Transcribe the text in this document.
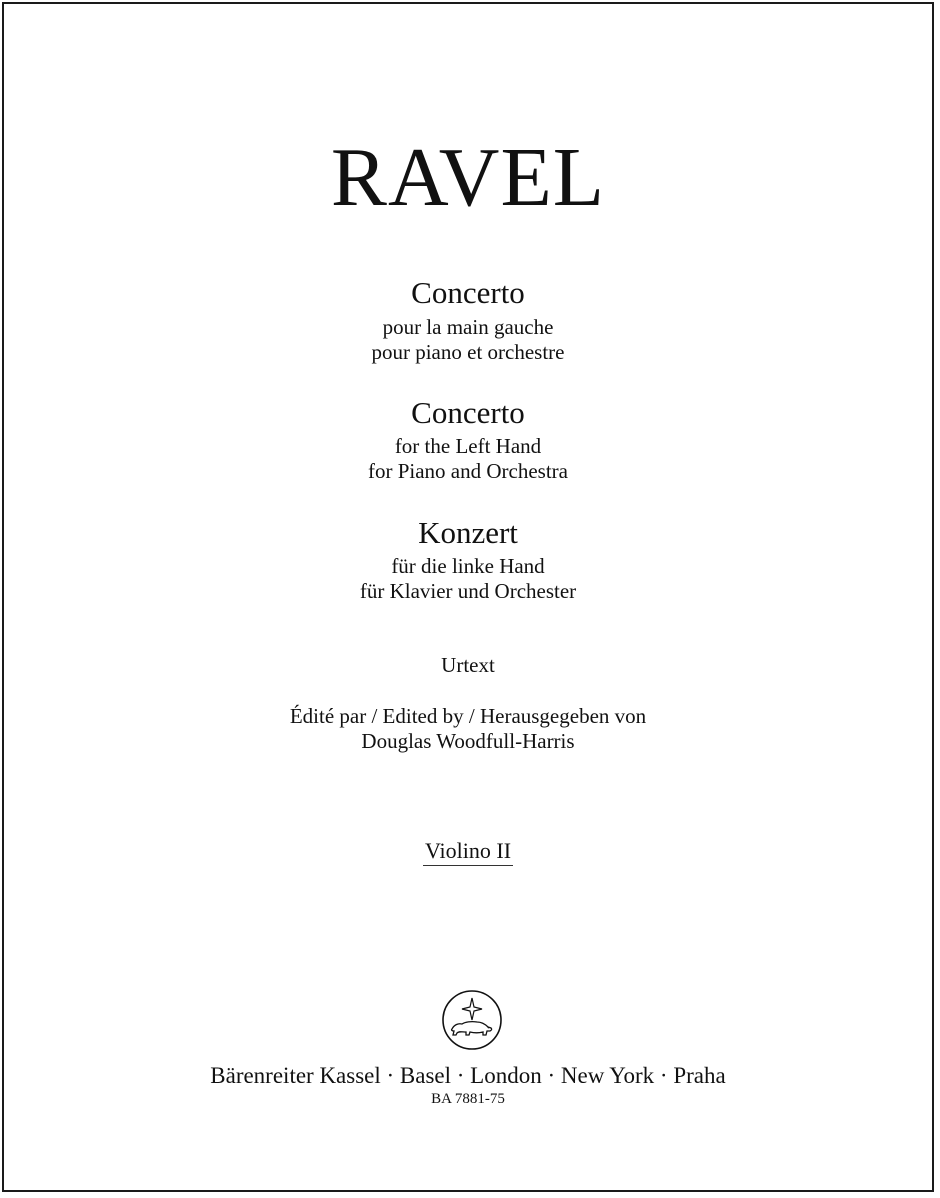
RAVEL
Concerto
pour la main gauche
pour piano et orchestre
Concerto
for the Left Hand
for Piano and Orchestra
Konzert
für die linke Hand
für Klavier und Orchester
Urtext
Édité par / Edited by / Herausgegeben von
Douglas Woodfull-Harris
Violino II
Bärenreiter Kassel · Basel · London · New York · Praha
BA 7881-75
